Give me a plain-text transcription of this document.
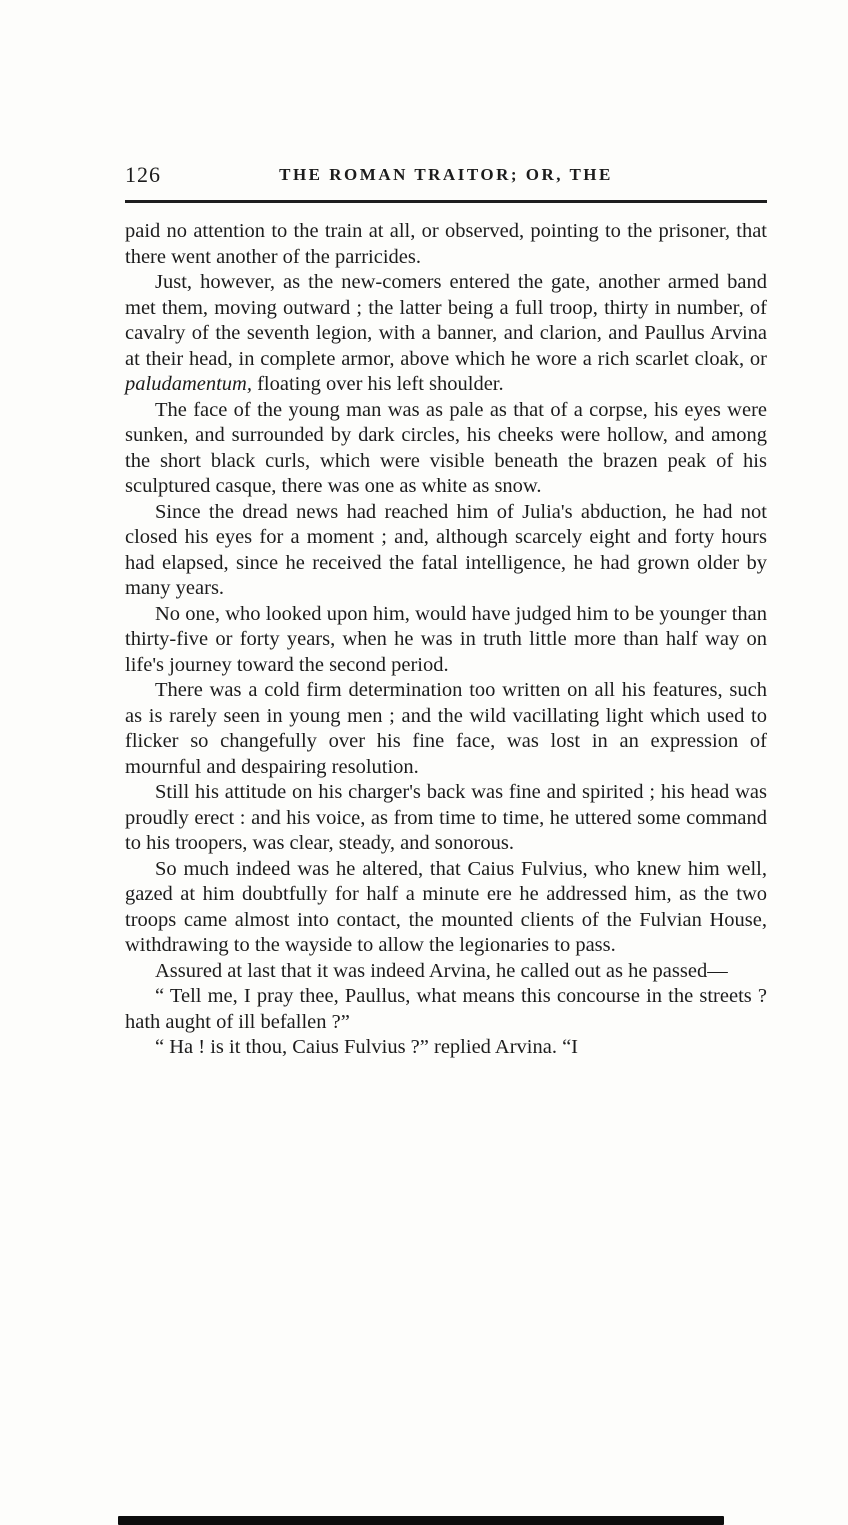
126	THE ROMAN TRAITOR; OR, THE

paid no attention to the train at all, or observed, pointing to the prisoner, that there went another of the parricides.

Just, however, as the new-comers entered the gate, another armed band met them, moving outward ; the latter being a full troop, thirty in number, of cavalry of the seventh legion, with a banner, and clarion, and Paullus Arvina at their head, in complete armor, above which he wore a rich scarlet cloak, or paludamentum, floating over his left shoulder.

The face of the young man was as pale as that of a corpse, his eyes were sunken, and surrounded by dark circles, his cheeks were hollow, and among the short black curls, which were visible beneath the brazen peak of his sculptured casque, there was one as white as snow.

Since the dread news had reached him of Julia's abduction, he had not closed his eyes for a moment ; and, although scarcely eight and forty hours had elapsed, since he received the fatal intelligence, he had grown older by many years.

No one, who looked upon him, would have judged him to be younger than thirty-five or forty years, when he was in truth little more than half way on life's journey toward the second period.

There was a cold firm determination too written on all his features, such as is rarely seen in young men ; and the wild vacillating light which used to flicker so changefully over his fine face, was lost in an expression of mournful and despairing resolution.

Still his attitude on his charger's back was fine and spirited ; his head was proudly erect : and his voice, as from time to time, he uttered some command to his troopers, was clear, steady, and sonorous.

So much indeed was he altered, that Caius Fulvius, who knew him well, gazed at him doubtfully for half a minute ere he addressed him, as the two troops came almost into contact, the mounted clients of the Fulvian House, withdrawing to the wayside to allow the legionaries to pass.

Assured at last that it was indeed Arvina, he called out as he passed—

“ Tell me, I pray thee, Paullus, what means this concourse in the streets ? hath aught of ill befallen ?”

“ Ha ! is it thou, Caius Fulvius ?” replied Arvina. “I
